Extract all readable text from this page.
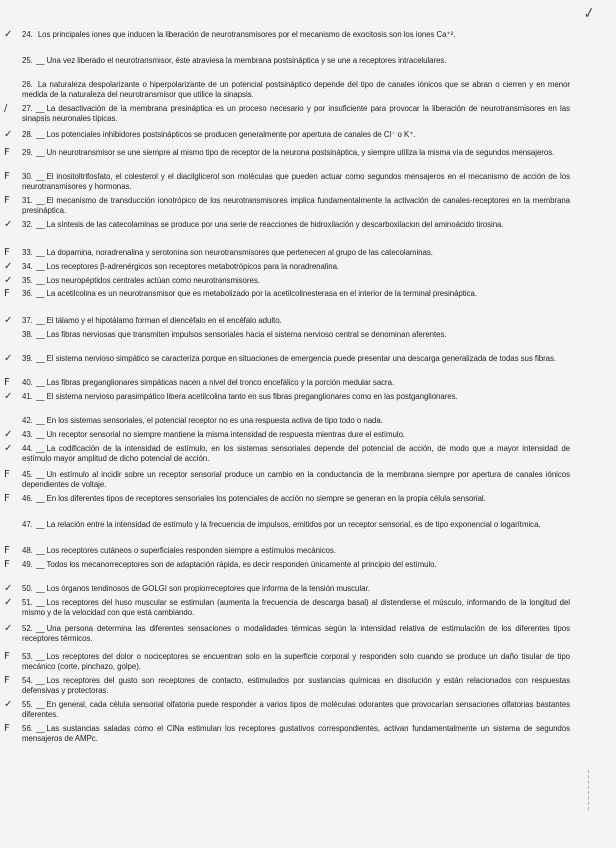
✓
✓ 24. Los principales iones que inducen la liberación de neurotransmisores por el mecanismo de exocitosis son los iones Ca⁺².
25. __ Una vez liberado el neurotransmisor, éste atraviesa la membrana postsináptica y se une a receptores intracelulares.
26. La naturaleza despolarizante o hiperpolarizante de un potencial postsináptico depende del tipo de canales iónicos que se abran o cierren y en menor medida de la naturaleza del neurotransmisor que utilice la sinapsis.
/ 27. __ La desactivación de la membrana presináptica es un proceso necesario y por insuficiente para provocar la liberación de neurotransmisores en las sinapsis neuronales típicas.
✓ 28. __ Los potenciales inhibidores postsinápticos se producen generalmente por apertura de canales de Cl⁻ o K⁺.
F 29. __ Un neurotransmisor se une siempre al mismo tipo de receptor de la neurona postsináptica, y siempre utiliza la misma vía de segundos mensajeros.
F 30. __ El inositoltrifosfato, el colesterol y el diacilglicerol son moléculas que pueden actuar como segundos mensajeros en el mecanismo de acción de los neurotransmisores y hormonas.
F 31. __ El mecanismo de transducción ionotrópico de los neurotransmisores implica fundamentalmente la activación de canales-receptores en la membrana presináptica.
✓ 32. __ La síntesis de las catecolaminas se produce por una serie de reacciones de hidroxilación y descarboxilacion del aminoácido tirosina.
F 33. __ La dopamina, noradrenalina y serotonina son neurotransmisores que pertenecen al grupo de las catecolaminas.
✓ 34. __ Los receptores β-adrenérgicos son receptores metabotrópicos para la noradrenalina.
✓ 35. __ Los neuropéptidos centrales actúan como neurotransmisores.
F 36. __ La acetilcolina es un neurotransmisor que es metabolizado por la acetilcolinesterasa en el interior de la terminal presináptica.
✓ 37. __ El tálamo y el hipotálamo forman el diencéfalo en el encéfalo adulto.
38. __ Las fibras nerviosas que transmiten impulsos sensoriales hacia el sistema nervioso central se denominan aferentes.
✓ 39. __ El sistema nervioso simpático se caracteriza porque en situaciones de emergencia puede presentar una descarga generalizada de todas sus fibras.
F 40. __ Las fibras preganglionares simpáticas nacen a nivel del tronco encefálico y la porción medular sacra.
✓ 41. __ El sistema nervioso parasimpático libera acetilcolina tanto en sus fibras preganglionares como en las postganglionares.
42. __ En los sistemas sensoriales, el potencial receptor no es una respuesta activa de tipo todo o nada.
✓ 43. __ Un receptor sensorial no siempre mantiene la misma intensidad de respuesta mientras dure el estímulo.
✓ 44. __ La codificación de la intensidad de estímulo, en los sistemas sensoriales depende del potencial de acción, de modo que a mayor intensidad de estímulo mayor amplitud de dicho potencial de acción.
F 45. __ Un estímulo al incidir sobre un receptor sensorial produce un cambio en la conductancia de la membrana siempre por apertura de canales iónicos dependientes de voltaje.
F 46. __ En los diferentes tipos de receptores sensoriales los potenciales de acción no siempre se generan en la propia célula sensorial.
47. __ La relación entre la intensidad de estímulo y la frecuencia de impulsos, emitidos por un receptor sensorial, es de tipo exponencial o logarítmica.
F 48. __ Los receptores cutáneos o superficiales responden siempre a estímulos mecánicos.
F 49. __ Todos los mecanorreceptores son de adaptación rápida, es decir responden únicamente al principio del estímulo.
✓ 50. __ Los órganos tendinosos de GOLGI son propiorreceptores que informa de la tensión muscular.
✓ 51. __ Los receptores del huso muscular se estimulan (aumenta la frecuencia de descarga basal) al distenderse el músculo, informando de la longitud del mismo y de la velocidad con que está cambiando.
✓ 52. __ Una persona determina las diferentes sensaciones o modalidades térmicas según la intensidad relativa de estimulación de los diferentes tipos receptores térmicos.
F 53. __ Los receptores del dolor o nociceptores se encuentran solo en la superficie corporal y responden solo cuando se produce un daño tisular de tipo mecánico (corte, pinchazo, golpe).
F 54. __ Los receptores del gusto son receptores de contacto, estimulados por sustancias químicas en disolución y están relacionados con respuestas defensivas y protectoras.
✓ 55. __ En general, cada célula sensorial olfatoria puede responder a varios tipos de moléculas odorantes que provocarían sensaciones olfatorias bastantes diferentes.
F 56. __ Las sustancias saladas como el ClNa estimulan los receptores gustativos correspondientes, activan fundamentalmente un sistema de segundos mensajeros de AMPc.
